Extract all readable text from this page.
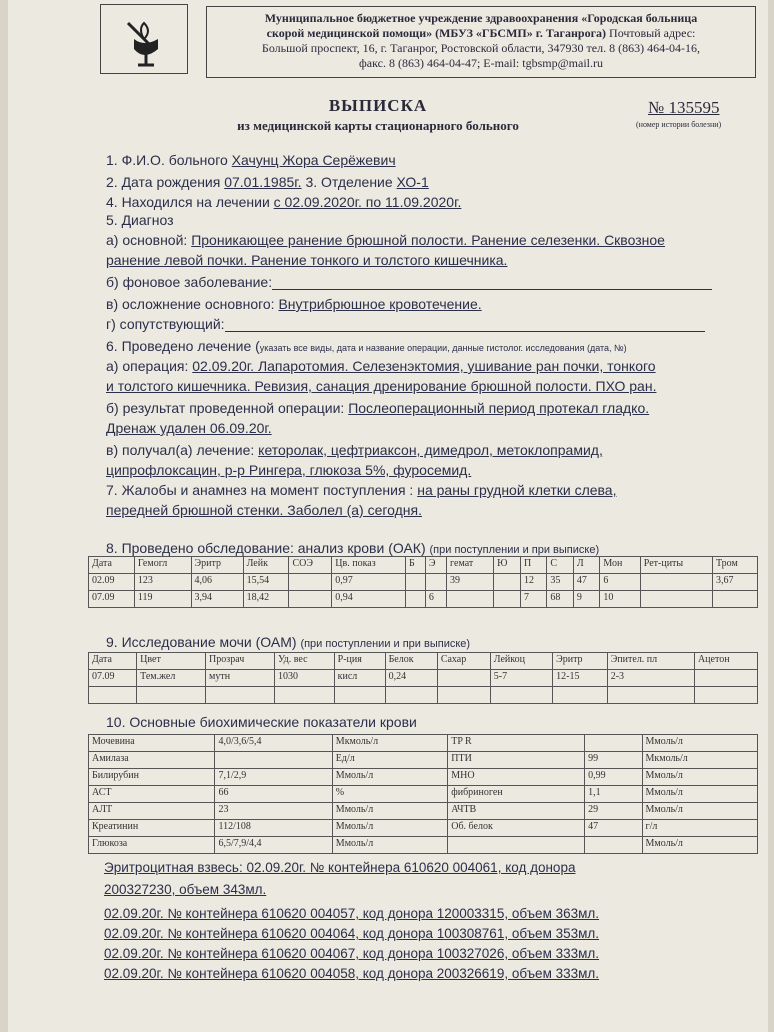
Муниципальное бюджетное учреждение здравоохранения «Городская больница
скорой медицинской помощи» (МБУЗ «ГБСМП» г. Таганрога) Почтовый адрес:
Большой проспект, 16, г. Таганрог, Ростовской области, 347930 тел. 8 (863) 464-04-16,
факс. 8 (863) 464-04-47; E-mail: tgbsmp@mail.ru
ВЫПИСКА
из медицинской карты стационарного больного
№ 135595
(номер истории болезни)
1. Ф.И.О. больного Хачунц Жора Серёжевич
2. Дата рождения 07.01.1985г. 3. Отделение ХО-1
4. Находился на лечении с 02.09.2020г. по 11.09.2020г.
5. Диагноз
а) основной: Проникающее ранение брюшной полости. Ранение селезенки. Сквозное
ранение левой почки. Ранение тонкого и толстого кишечника.
б) фоновое заболевание:
в) осложнение основного: Внутрибрюшное кровотечение.
г) сопутствующий:
6. Проведено лечение (указать все виды, дата и название операции, данные гистолог. исследования (дата, №)
а) операция: 02.09.20г. Лапаротомия. Селезенэктомия, ушивание ран почки, тонкого
и толстого кишечника. Ревизия, санация дренирование брюшной полости. ПХО ран.
б) результат проведенной операции: Послеоперационный период протекал гладко.
Дренаж удален 06.09.20г.
в) получал(а) лечение: кеторолак, цефтриаксон, димедрол, метоклопрамид,
ципрофлоксацин, р-р Рингера, глюкоза 5%, фуросемид.
7. Жалобы и анамнез на момент поступления : на раны грудной клетки слева,
передней брюшной стенки. Заболел (а) сегодня.
8. Проведено обследование: анализ крови (ОАК) (при поступлении и при выписке)
Дата	Гемогл	Эритр	Лейк	СОЭ	Цв. показ	Б	Э	гемат	Ю	П	С	Л	Мон	Рет-циты	Тром
02.09	123	4,06	15,54		0,97			39		12	35	47	6		3,67
07.09	119	3,94	18,42		0,94		6			7	68	9	10		
9. Исследование мочи (ОАМ) (при поступлении и при выписке)
Дата	Цвет	Прозрач	Уд. вес	Р-ция	Белок	Сахар	Лейкоц	Эритр	Эпител. пл	Ацетон
07.09	Тем.жел	мутн	1030	кисл	0,24		5-7	12-15	2-3	

10. Основные биохимические показатели крови
Мочевина	4,0/3,6/5,4	Мкмоль/л	TP R		Ммоль/л
Амилаза		Ед/л	ПТИ	99	Мкмоль/л
Билирубин	7,1/2,9	Ммоль/л	МНО	0,99	Ммоль/л
АСТ	66	%	фибриноген	1,1	Ммоль/л
АЛТ	23	Ммоль/л	АЧТВ	29	Ммоль/л
Креатинин	112/108	Ммоль/л	Об. белок	47	г/л
Глюкоза	6,5/7,9/4,4	Ммоль/л			Ммоль/л
Эритроцитная взвесь: 02.09.20г. № контейнера 610620 004061, код донора
200327230, объем 343мл.
02.09.20г. № контейнера 610620 004057, код донора 120003315, объем 363мл.
02.09.20г. № контейнера 610620 004064, код донора 100308761, объем 353мл.
02.09.20г. № контейнера 610620 004067, код донора 100327026, объем 333мл.
02.09.20г. № контейнера 610620 004058, код донора 200326619, объем 333мл.
